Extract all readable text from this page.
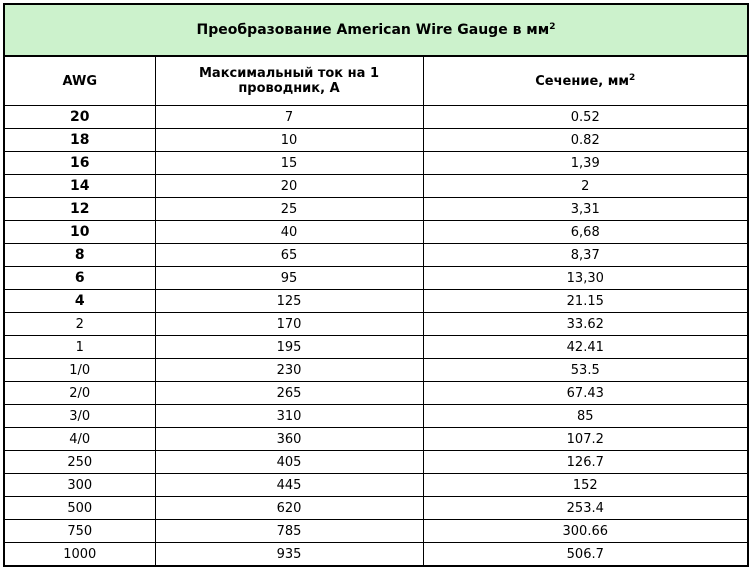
Преобразование American Wire Gauge в $мм^2$
AWG	Максимальный ток на 1 проводник, А	Сечение, $мм^2$
20	7	0.52
18	10	0.82
16	15	1,39
14	20	2
12	25	3,31
10	40	6,68
8	65	8,37
6	95	13,30
4	125	21.15
2	170	33.62
1	195	42.41
1/0	230	53.5
2/0	265	67.43
3/0	310	85
4/0	360	107.2
250	405	126.7
300	445	152
500	620	253.4
750	785	300.66
1000	935	506.7
